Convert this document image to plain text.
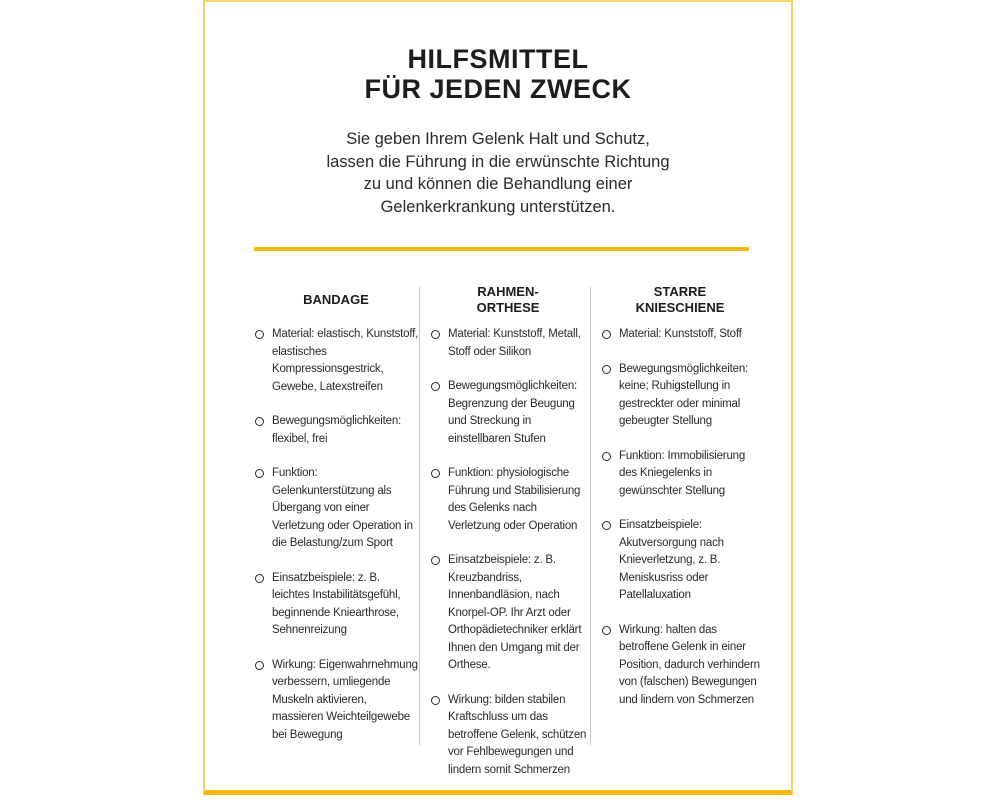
HILFSMITTEL
FÜR JEDEN ZWECK
Sie geben Ihrem Gelenk Halt und Schutz,
lassen die Führung in die erwünschte Richtung
zu und können die Behandlung einer
Gelenkerkrankung unterstützen.
BANDAGE
Material: elastisch, Kunststoff, elastisches Kompressionsgestrick, Gewebe, Latexstreifen
Bewegungsmöglichkeiten: flexibel, frei
Funktion: Gelenkunterstützung als Übergang von einer Verletzung oder Operation in die Belastung/zum Sport
Einsatzbeispiele: z. B. leichtes Instabilitätsgefühl, beginnende Kniearthrose, Sehnenreizung
Wirkung: Eigenwahrnehmung verbessern, umliegende Muskeln aktivieren, massieren Weichteilgewebe bei Bewegung
RAHMEN-
ORTHESE
Material: Kunststoff, Metall, Stoff oder Silikon
Bewegungsmöglichkeiten: Begrenzung der Beugung und Streckung in einstellbaren Stufen
Funktion: physiologische Führung und Stabilisierung des Gelenks nach Verletzung oder Operation
Einsatzbeispiele: z. B. Kreuzbandriss, Innenbandläsion, nach Knorpel-OP. Ihr Arzt oder Orthopädietechniker erklärt Ihnen den Umgang mit der Orthese.
Wirkung: bilden stabilen Kraftschluss um das betroffene Gelenk, schützen vor Fehlbewegungen und lindern somit Schmerzen
STARRE
KNIESCHIENE
Material: Kunststoff, Stoff
Bewegungsmöglichkeiten: keine; Ruhigstellung in gestreckter oder minimal gebeugter Stellung
Funktion: Immobilisierung des Kniegelenks in gewünschter Stellung
Einsatzbeispiele: Akutversorgung nach Knieverletzung, z. B. Meniskusriss oder Patellaluxation
Wirkung: halten das betroffene Gelenk in einer Position, dadurch verhindern von (falschen) Bewegungen und lindern von Schmerzen
